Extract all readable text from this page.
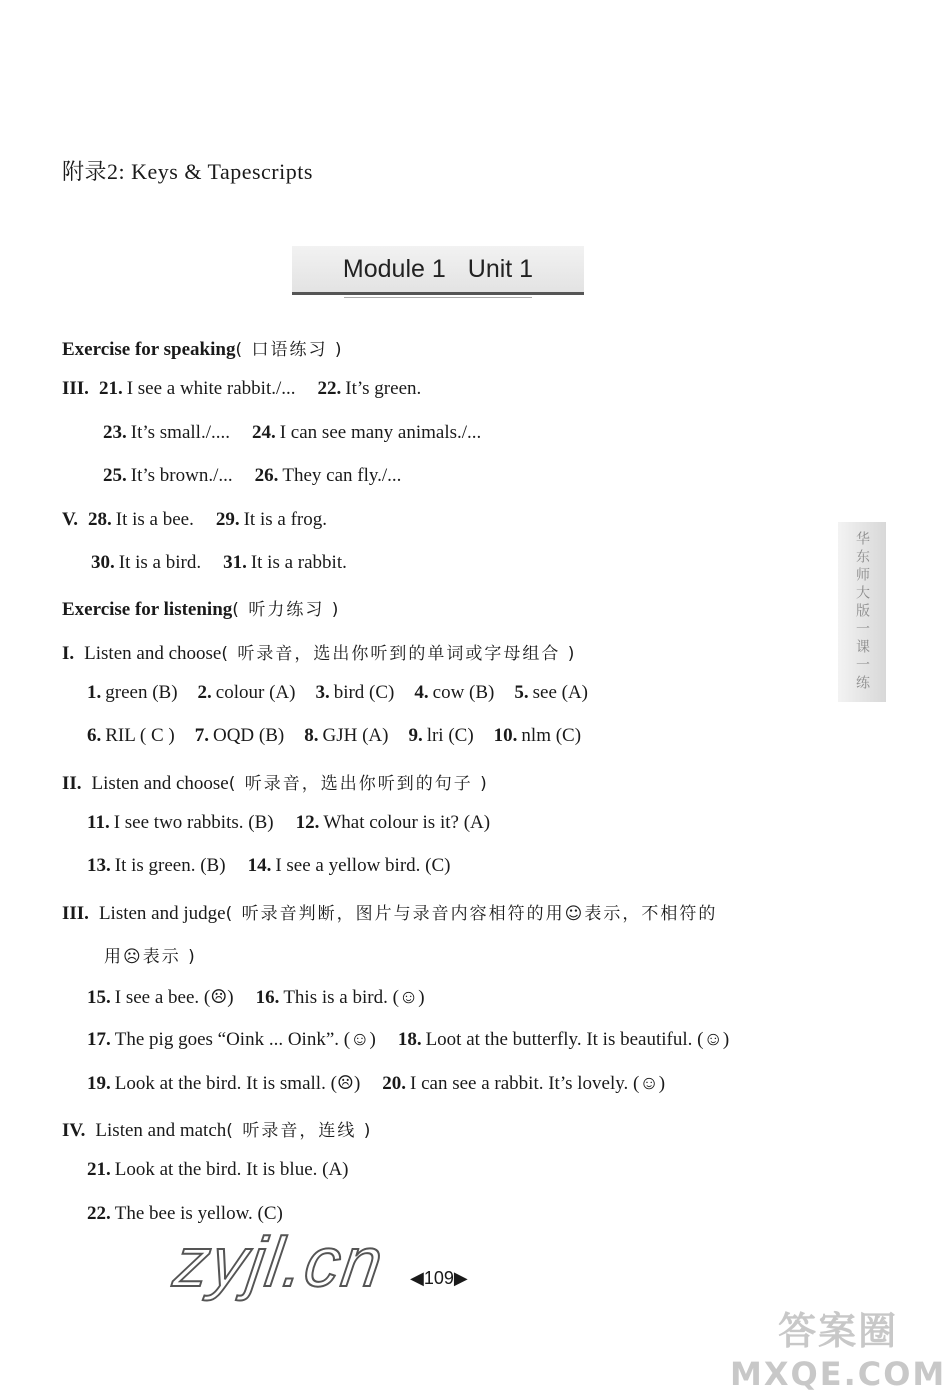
附录2: Keys & Tapescripts
Module 1 Unit 1
Exercise for speaking( 口语练习 )
III. 21. I see a white rabbit./... 22. It’s green.
23. It’s small./.... 24. I can see many animals./...
25. It’s brown./... 26. They can fly./...
V. 28. It is a bee. 29. It is a frog.
30. It is a bird. 31. It is a rabbit.
Exercise for listening( 听力练习 )
I. Listen and choose( 听录音，选出你听到的单词或字母组合 )
1. green (B) 2. colour (A) 3. bird (C) 4. cow (B) 5. see (A)
6. RIL ( C ) 7. OQD (B) 8. GJH (A) 9. lri (C) 10. nlm (C)
II. Listen and choose( 听录音，选出你听到的句子 )
11. I see two rabbits. (B) 12. What colour is it? (A)
13. It is green. (B) 14. I see a yellow bird. (C)
III. Listen and judge( 听录音判断，图片与录音内容相符的用☺表示，不相符的
用☹表示 )
15. I see a bee. (☹) 16. This is a bird. (☺)
17. The pig goes “Oink ... Oink”. (☺) 18. Loot at the butterfly. It is beautiful. (☺)
19. Look at the bird. It is small. (☹) 20. I can see a rabbit. It’s lovely. (☺)
IV. Listen and match( 听录音，连线 )
21. Look at the bird. It is blue. (A)
22. The bee is yellow. (C)
华东师大版一课一练
◀109▶
zyjl.cn
答案圈
MXQE.COM
